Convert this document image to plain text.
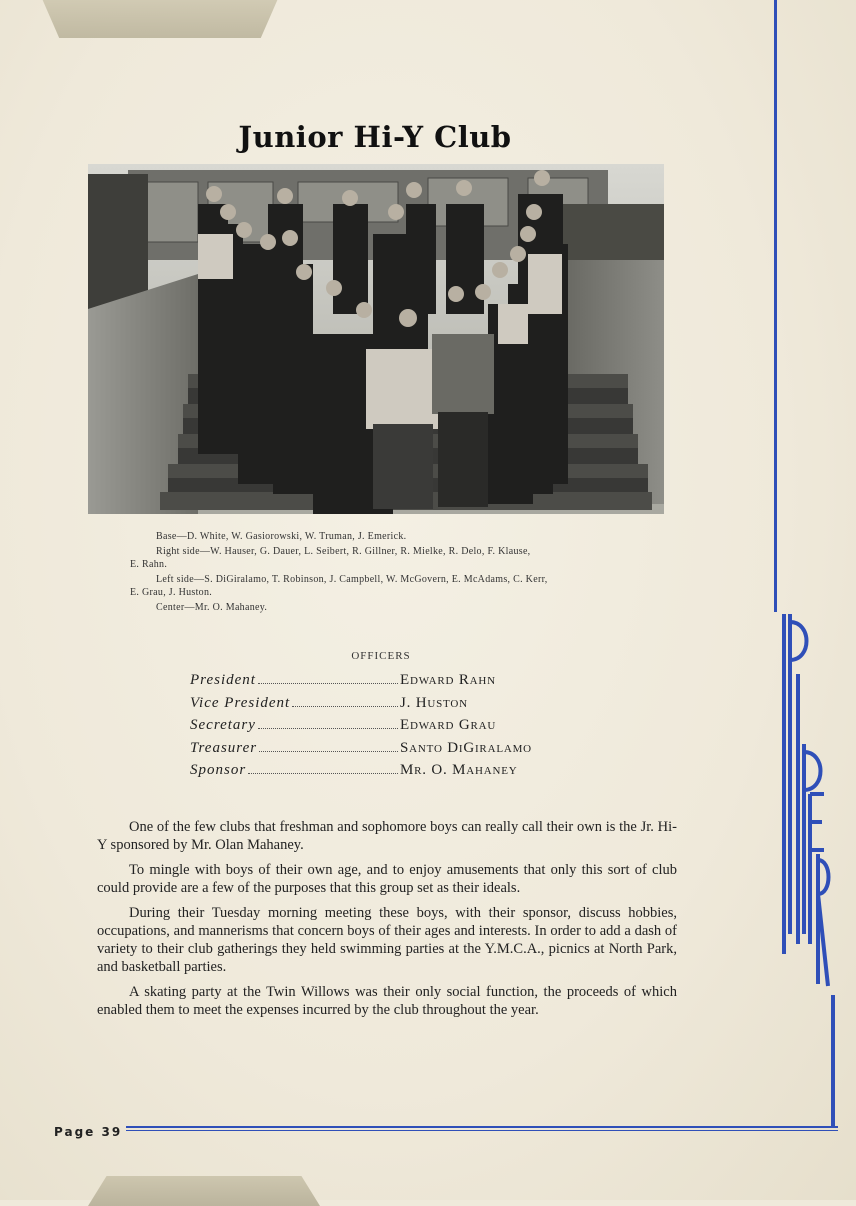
Junior Hi-Y Club

Base—D. White, W. Gasiorowski, W. Truman, J. Emerick.

Right side—W. Hauser, G. Dauer, L. Seibert, R. Gillner, R. Mielke, R. Delo, F. Klause,

E. Rahn.

Left side—S. DiGiralamo, T. Robinson, J. Campbell, W. McGovern, E. McAdams, C. Kerr,

E. Grau, J. Huston.

Center—Mr. O. Mahaney.

OFFICERS
President	Edward Rahn
Vice President	J. Huston
Secretary	Edward Grau
Treasurer	Santo DiGiralamo
Sponsor	Mr. O. Mahaney

One of the few clubs that freshman and sophomore boys can really call their own is the Jr. Hi-Y sponsored by Mr. Olan Mahaney.

To mingle with boys of their own age, and to enjoy amusements that only this sort of club could provide are a few of the purposes that this group set as their ideals.

During their Tuesday morning meeting these boys, with their sponsor, discuss hobbies, occupations, and mannerisms that concern boys of their ages and interests. In order to add a dash of variety to their club gatherings they held swimming parties at the Y.M.C.A., picnics at North Park, and basketball parties.

A skating party at the Twin Willows was their only social function, the proceeds of which enabled them to meet the expenses incurred by the club throughout the year.

Page 39
